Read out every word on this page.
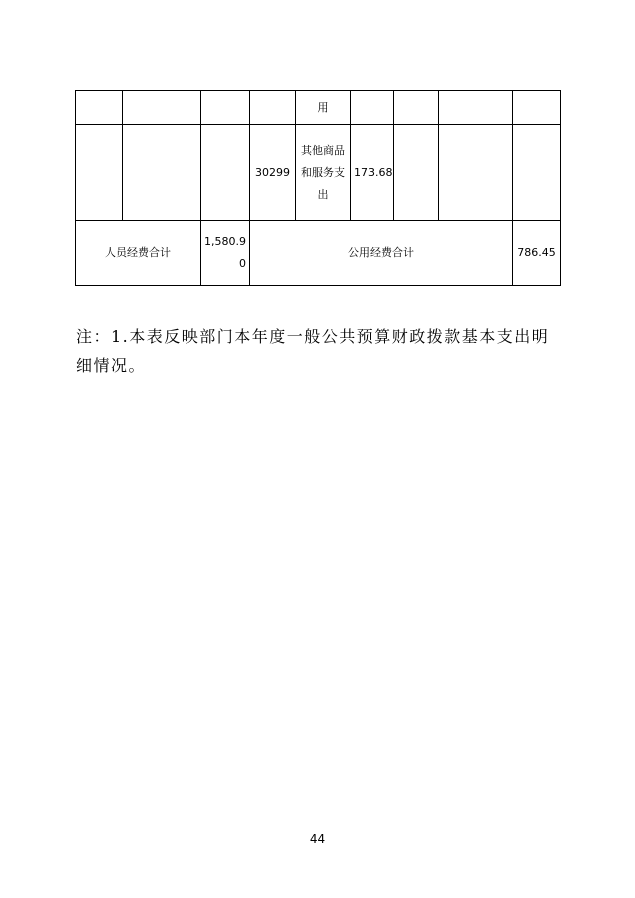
				用				
			30299	其他商品和服务支出	173.68			
人员经费合计		1,580.90	公用经费合计					786.45

注：1.本表反映部门本年度一般公共预算财政拨款基本支出明细情况。

44
